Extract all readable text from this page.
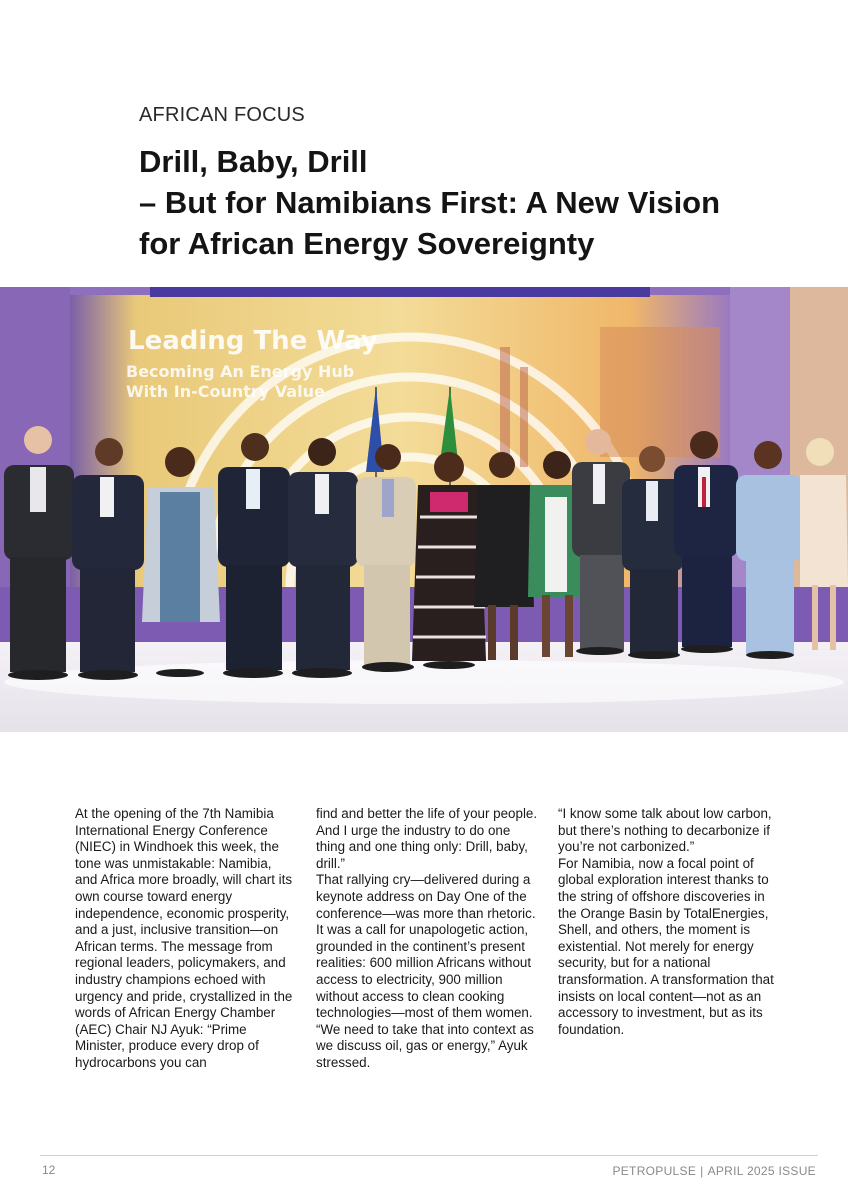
AFRICAN FOCUS
Drill, Baby, Drill
– But for Namibians First: A New Vision
for African Energy Sovereignty
Leading The Way
Becoming An Energy Hub
With In-Country Value

At the opening of the 7th Namibia International Energy Conference (NIEC) in Windhoek this week, the tone was unmistakable: Namibia, and Africa more broadly, will chart its own course toward energy independence, economic prosperity, and a just, inclusive transition—on African terms. The message from regional leaders, policymakers, and industry champions echoed with urgency and pride, crystallized in the words of African Energy Chamber (AEC) Chair NJ Ayuk: “Prime Minister, produce every drop of hydrocarbons you can

find and better the life of your people. And I urge the industry to do one thing and one thing only: Drill, baby, drill.”

That rallying cry—delivered during a keynote address on Day One of the conference—was more than rhetoric. It was a call for unapologetic action, grounded in the continent’s present realities: 600 million Africans without access to electricity, 900 million without access to clean cooking technologies—most of them women. “We need to take that into context as we discuss oil, gas or energy,” Ayuk stressed.

“I know some talk about low carbon, but there’s nothing to decarbonize if you’re not carbonized.”

For Namibia, now a focal point of global exploration interest thanks to the string of offshore discoveries in the Orange Basin by TotalEnergies, Shell, and others, the moment is existential. Not merely for energy security, but for a national transformation. A transformation that insists on local content—not as an accessory to investment, but as its foundation.

12	PETROPULSE | APRIL 2025 ISSUE
